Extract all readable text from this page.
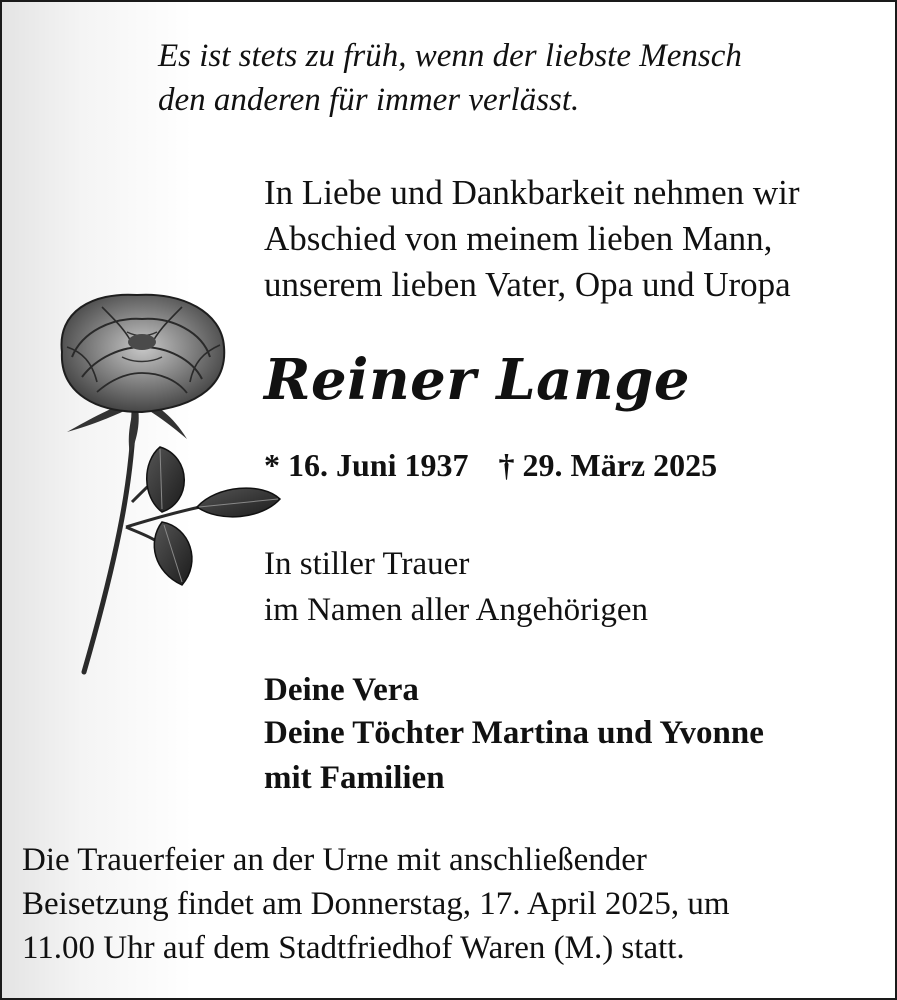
Es ist stets zu früh, wenn der liebste Mensch
den anderen für immer verlässt.
In Liebe und Dankbarkeit nehmen wir
Abschied von meinem lieben Mann,
unserem lieben Vater, Opa und Uropa
Reiner Lange
* 16. Juni 1937 † 29. März 2025
In stiller Trauer
im Namen aller Angehörigen
Deine Vera
Deine Töchter Martina und Yvonne
mit Familien
Die Trauerfeier an der Urne mit anschließender
Beisetzung findet am Donnerstag, 17. April 2025, um
11.00 Uhr auf dem Stadtfriedhof Waren (M.) statt.
